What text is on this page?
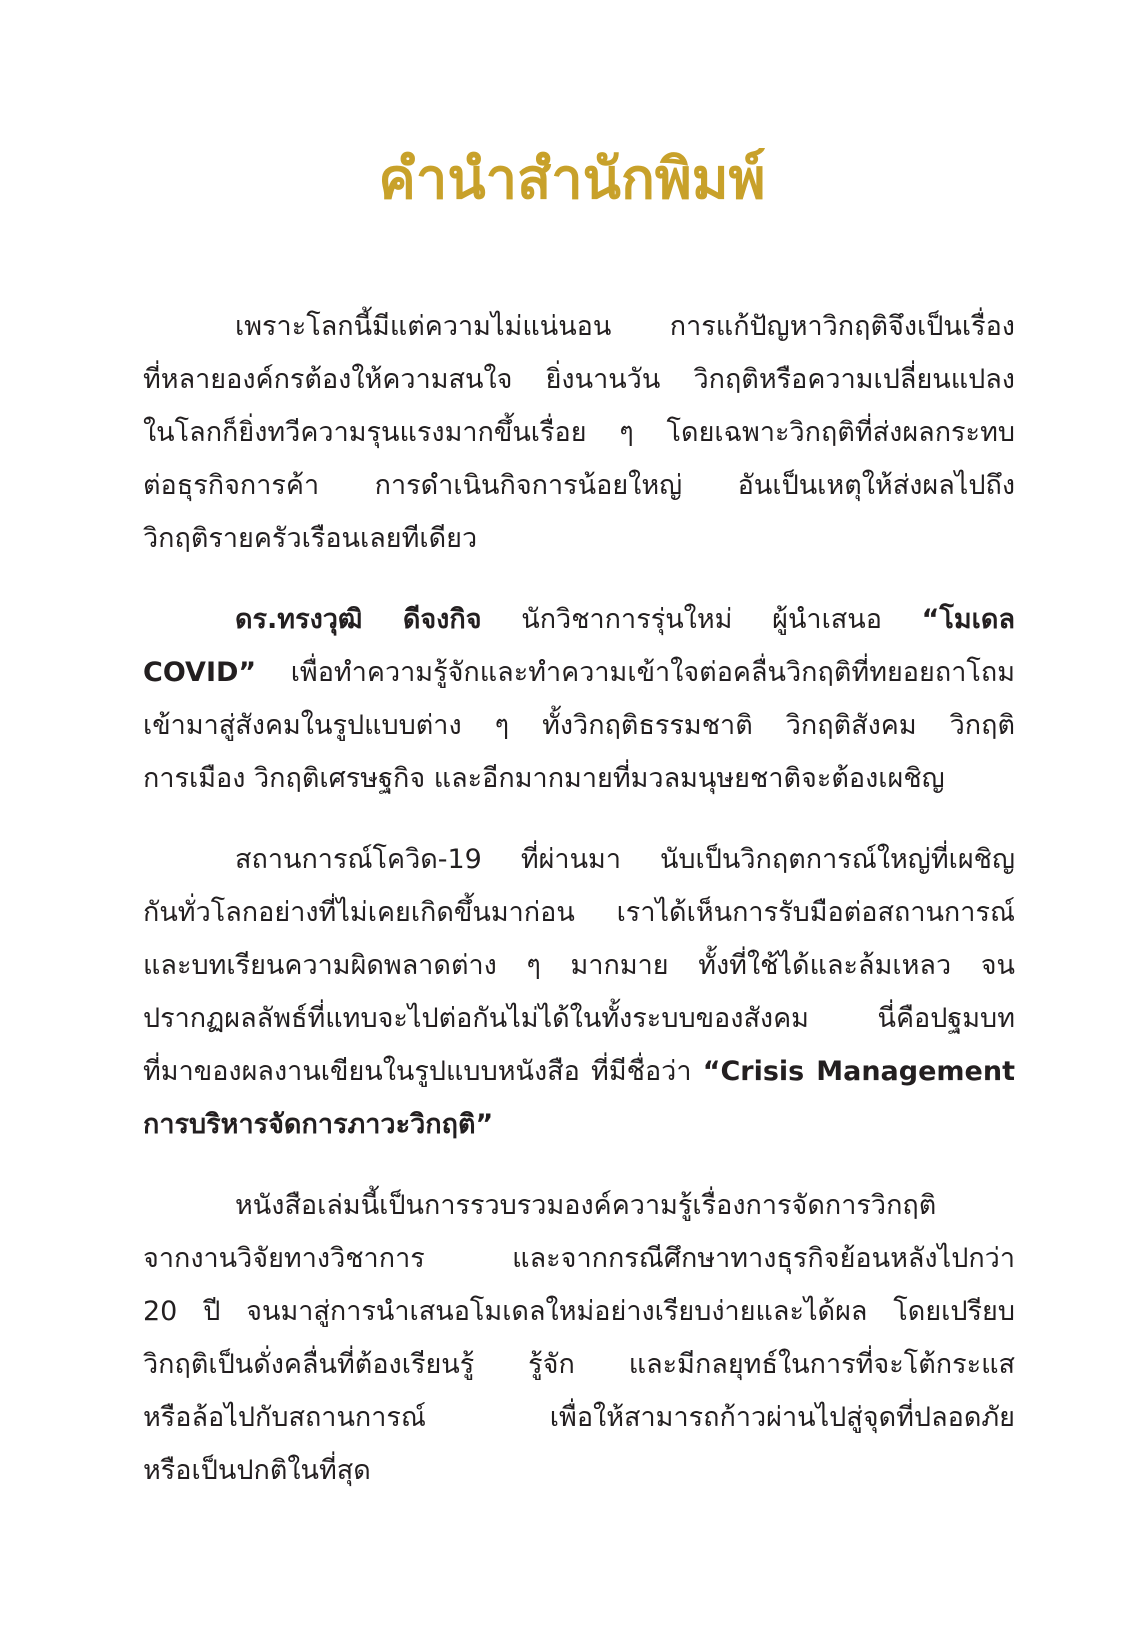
คำนำสำนักพิมพ์

เพราะโลกนี้มีแต่ความไม่แน่นอน การแก้ปัญหาวิกฤติจึงเป็นเรื่อง
ที่หลายองค์กรต้องให้ความสนใจ ยิ่งนานวัน วิกฤติหรือความเปลี่ยนแปลง
ในโลกก็ยิ่งทวีความรุนแรงมากขึ้นเรื่อย ๆ โดยเฉพาะวิกฤติที่ส่งผลกระทบ
ต่อธุรกิจการค้า การดำเนินกิจการน้อยใหญ่ อันเป็นเหตุให้ส่งผลไปถึง
วิกฤติรายครัวเรือนเลยทีเดียว

ดร.ทรงวุฒิ ดีจงกิจ นักวิชาการรุ่นใหม่ ผู้นำเสนอ “โมเดล
COVID” เพื่อทำความรู้จักและทำความเข้าใจต่อคลื่นวิกฤติที่ทยอยถาโถม
เข้ามาสู่สังคมในรูปแบบต่าง ๆ ทั้งวิกฤติธรรมชาติ วิกฤติสังคม วิกฤติ
การเมือง วิกฤติเศรษฐกิจ และอีกมากมายที่มวลมนุษยชาติจะต้องเผชิญ

สถานการณ์โควิด-19 ที่ผ่านมา นับเป็นวิกฤตการณ์ใหญ่ที่เผชิญ
กันทั่วโลกอย่างที่ไม่เคยเกิดขึ้นมาก่อน เราได้เห็นการรับมือต่อสถานการณ์
และบทเรียนความผิดพลาดต่าง ๆ มากมาย ทั้งที่ใช้ได้และล้มเหลว จน
ปรากฏผลลัพธ์ที่แทบจะไปต่อกันไม่ได้ในทั้งระบบของสังคม นี่คือปฐมบท
ที่มาของผลงานเขียนในรูปแบบหนังสือ ที่มีชื่อว่า “Crisis Management
การบริหารจัดการภาวะวิกฤติ”

หนังสือเล่มนี้เป็นการรวบรวมองค์ความรู้เรื่องการจัดการวิกฤติ
จากงานวิจัยทางวิชาการ และจากกรณีศึกษาทางธุรกิจย้อนหลังไปกว่า
20 ปี จนมาสู่การนำเสนอโมเดลใหม่อย่างเรียบง่ายและได้ผล โดยเปรียบ
วิกฤติเป็นดั่งคลื่นที่ต้องเรียนรู้ รู้จัก และมีกลยุทธ์ในการที่จะโต้กระแส
หรือล้อไปกับสถานการณ์ เพื่อให้สามารถก้าวผ่านไปสู่จุดที่ปลอดภัย
หรือเป็นปกติในที่สุด
